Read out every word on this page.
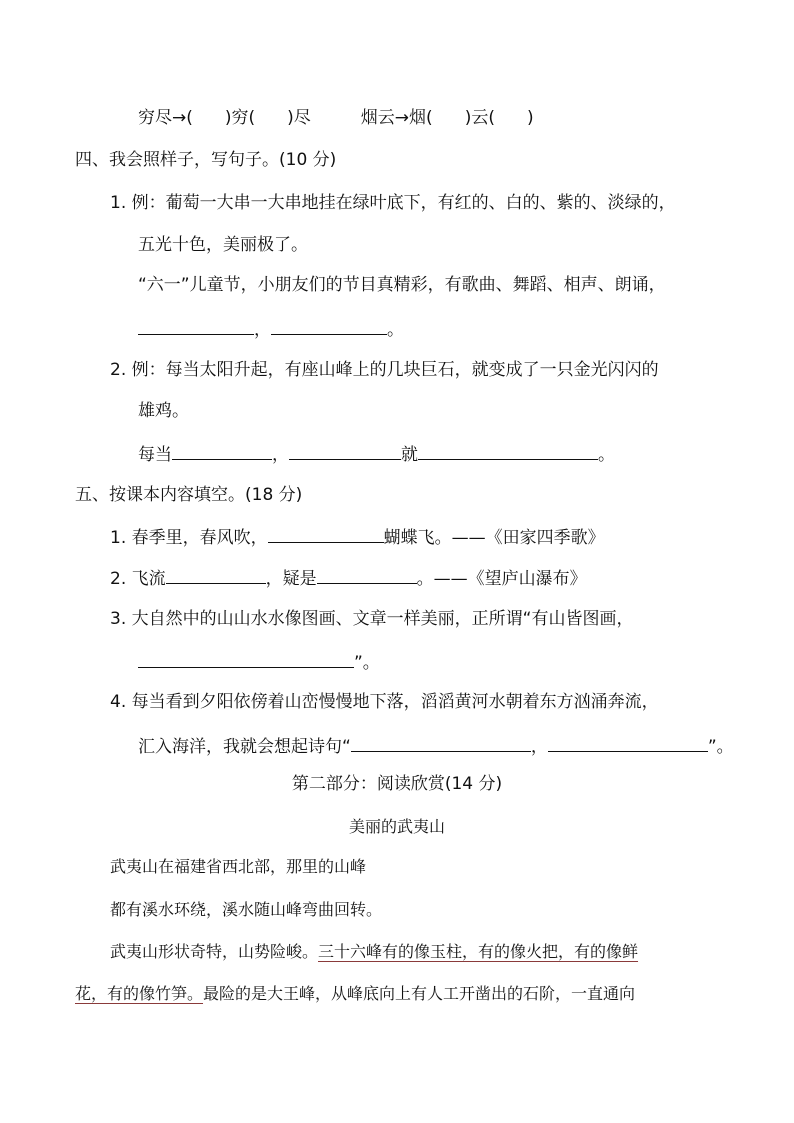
穷尽→( )穷( )尽	烟云→烟( )云( )
四、我会照样子，写句子。(10 分)
1. 例：葡萄一大串一大串地挂在绿叶底下，有红的、白的、紫的、淡绿的，
五光十色，美丽极了。
“六一”儿童节，小朋友们的节目真精彩，有歌曲、舞蹈、相声、朗诵，
，	。
2. 例：每当太阳升起，有座山峰上的几块巨石，就变成了一只金光闪闪的
雄鸡。
每当	，	就	。
五、按课本内容填空。(18 分)
1. 春季里，春风吹，	蝴蝶飞。——《田家四季歌》
2. 飞流	，疑是	。——《望庐山瀑布》
3. 大自然中的山山水水像图画、文章一样美丽，正所谓“有山皆图画，
”。
4. 每当看到夕阳依傍着山峦慢慢地下落，滔滔黄河水朝着东方汹涌奔流，
汇入海洋，我就会想起诗句“	，	”。
第二部分：阅读欣赏(14 分)
美丽的武夷山
武夷山在福建省西北部，那里的山峰
都有溪水环绕，溪水随山峰弯曲回转。
武夷山形状奇特，山势险峻。三十六峰有的像玉柱，有的像火把，有的像鲜
花，有的像竹笋。最险的是大王峰，从峰底向上有人工开凿出的石阶，一直通向
